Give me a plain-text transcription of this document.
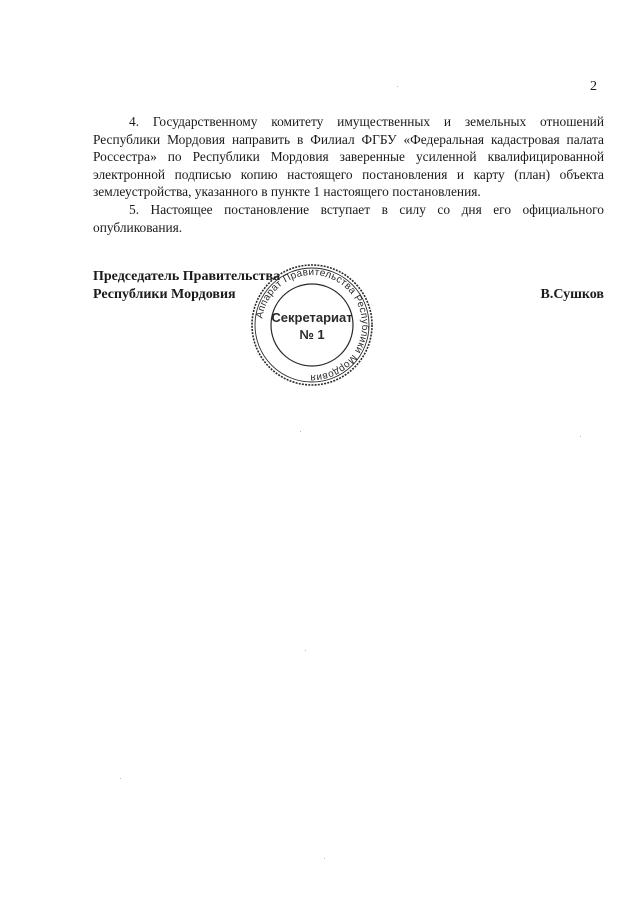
2

4. Государственному комитету имущественных и земельных отношений Республики Мордовия направить в Филиал ФГБУ «Федеральная кадастровая палата Россестра» по Республики Мордовия заверенные усиленной квалифицированной электронной подписью копию настоящего постановления и карту (план) объекта землеустройства, указанного в пункте 1 настоящего постановления.

5. Настоящее постановление вступает в силу со дня его официального опубликования.

Председатель Правительства
Республики Мордовия	В.Сушков
Аппарат Правительства Республики Мордовия
Секретариат
№ 1
